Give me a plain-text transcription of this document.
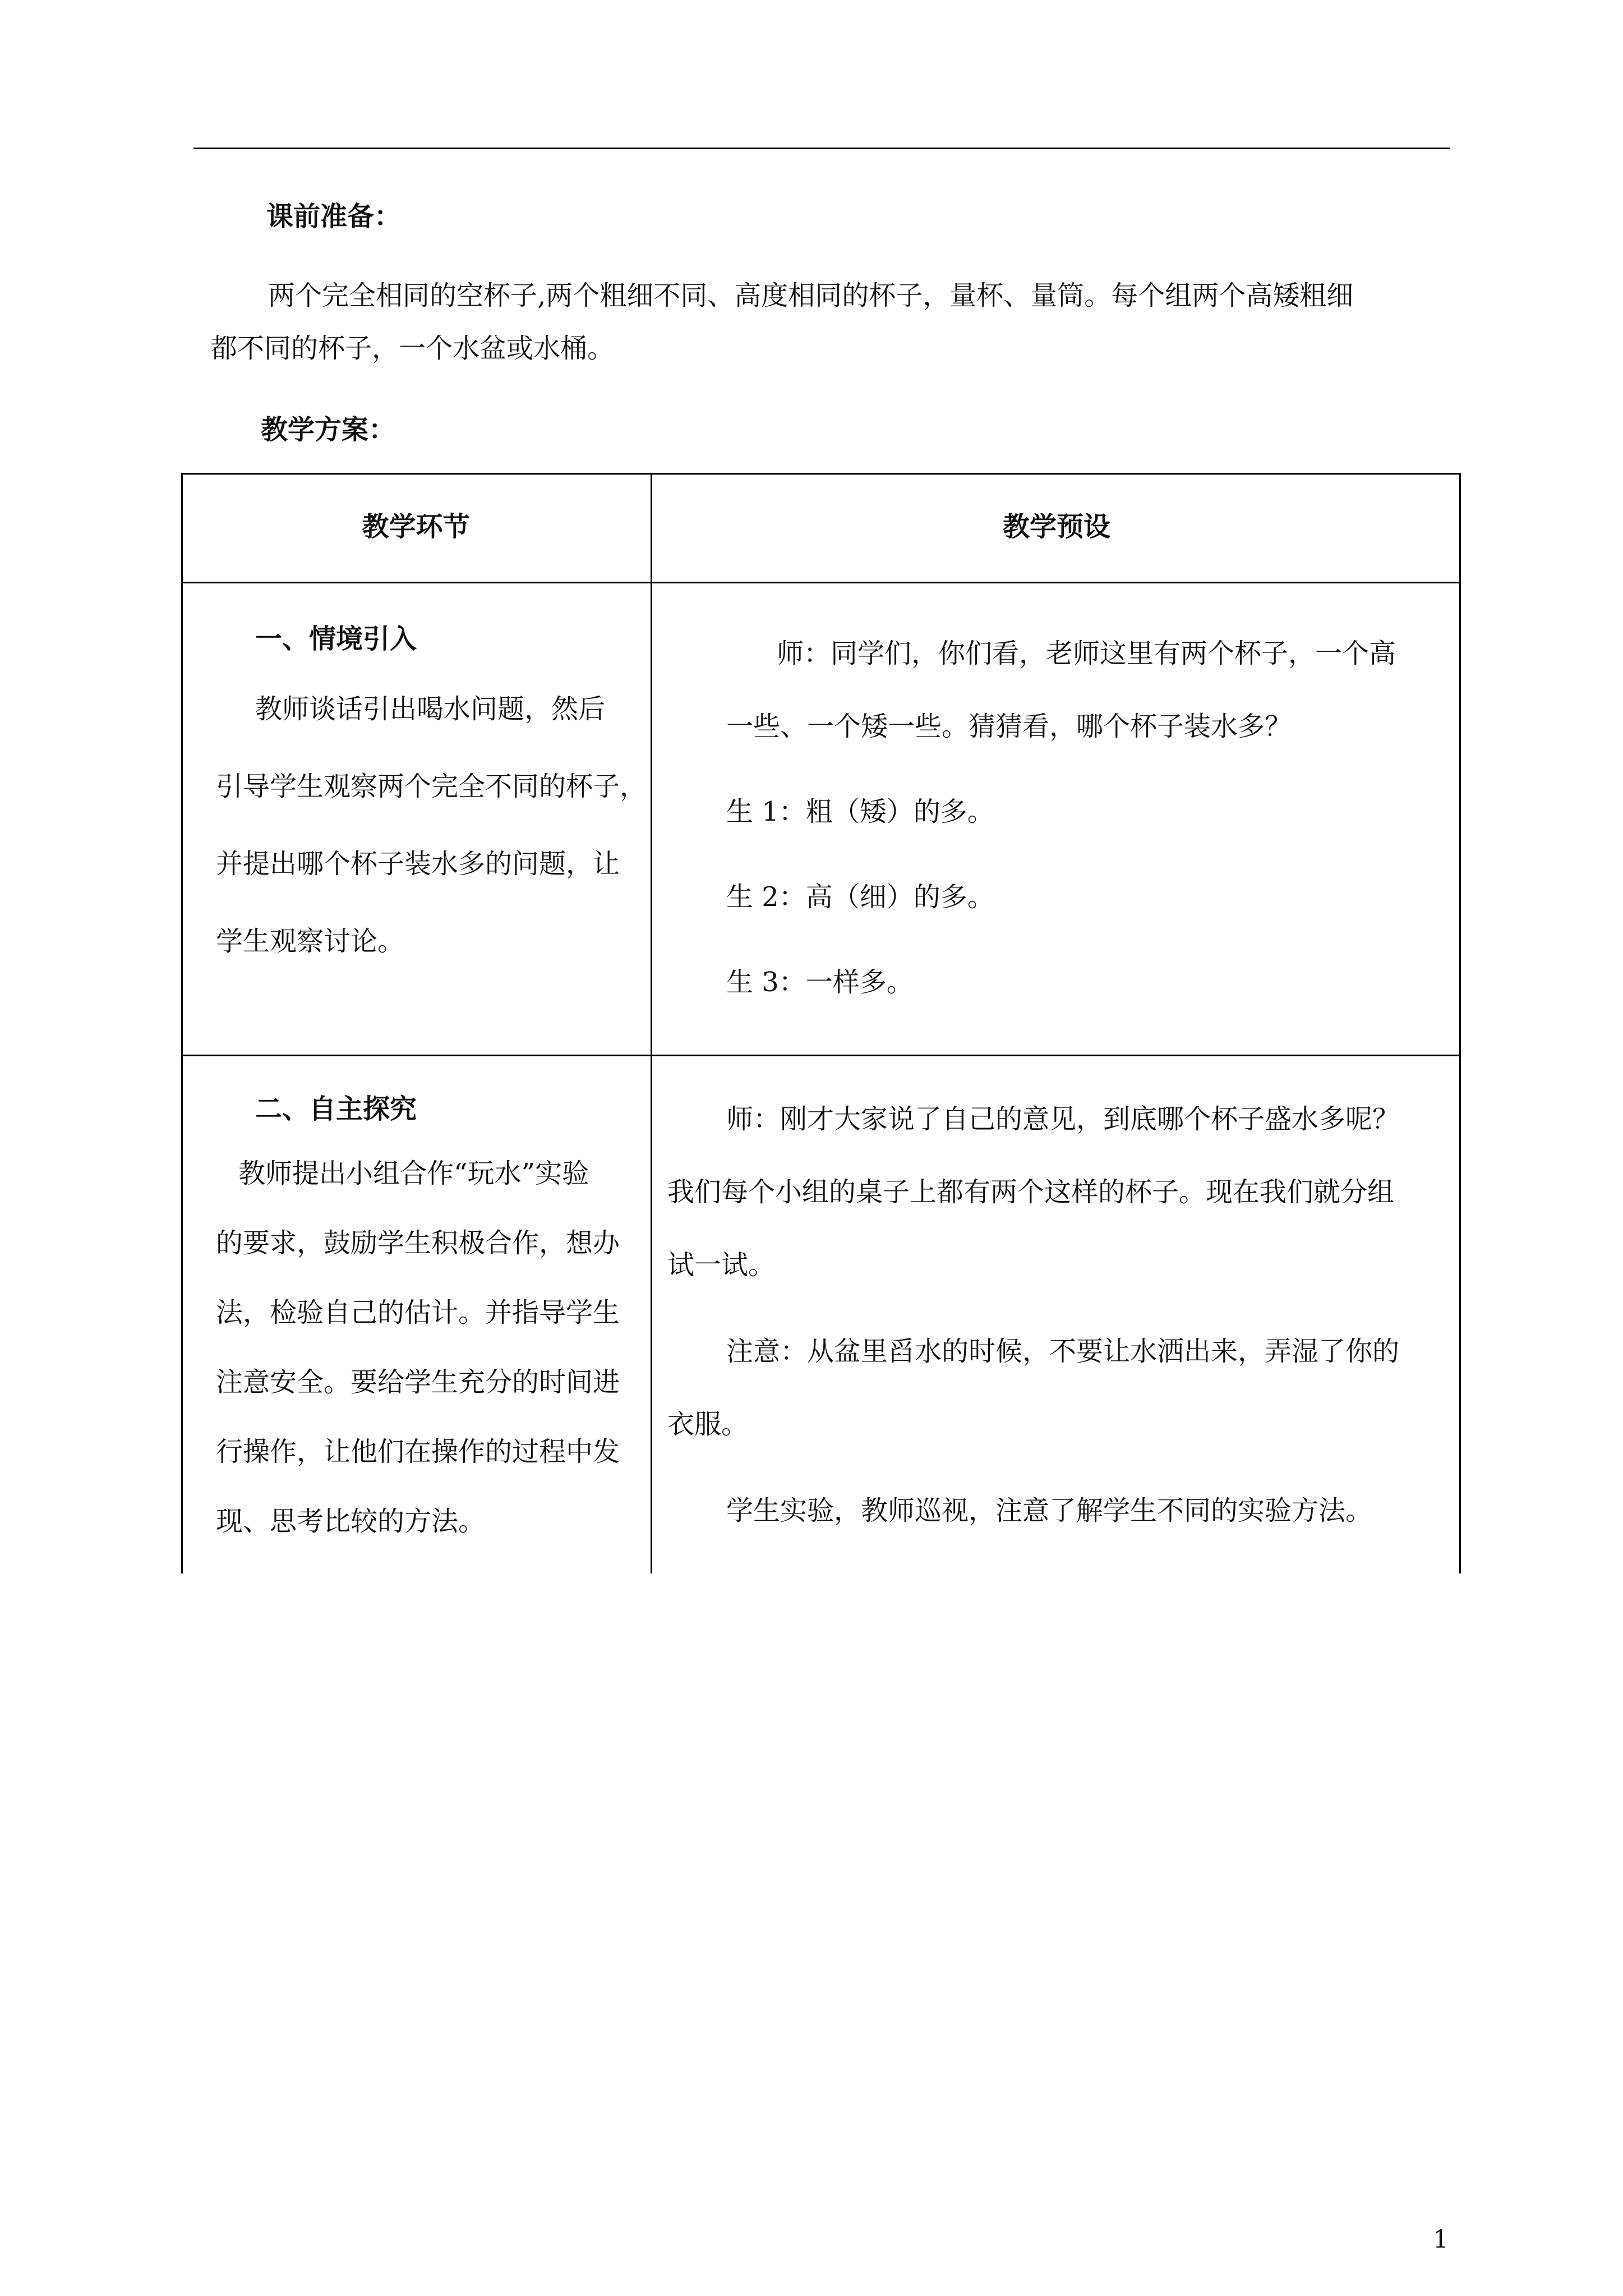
课前准备：
两个完全相同的空杯子,两个粗细不同、高度相同的杯子，量杯、量筒。每个组两个高矮粗细
都不同的杯子，一个水盆或水桶。
教学方案：
教学环节	教学预设
一、情境引入
教师谈话引出喝水问题，然后
引导学生观察两个完全不同的杯子，
并提出哪个杯子装水多的问题，让
学生观察讨论。
师：同学们，你们看，老师这里有两个杯子，一个高
一些、一个矮一些。猜猜看，哪个杯子装水多？
生 1：粗（矮）的多。
生 2：高（细）的多。
生 3：一样多。
二、自主探究
教师提出小组合作“玩水”实验
的要求，鼓励学生积极合作，想办
法，检验自己的估计。并指导学生
注意安全。要给学生充分的时间进
行操作，让他们在操作的过程中发
现、思考比较的方法。
师：刚才大家说了自己的意见，到底哪个杯子盛水多呢？
我们每个小组的桌子上都有两个这样的杯子。现在我们就分组
试一试。
注意：从盆里舀水的时候，不要让水洒出来，弄湿了你的
衣服。
学生实验，教师巡视，注意了解学生不同的实验方法。
1
